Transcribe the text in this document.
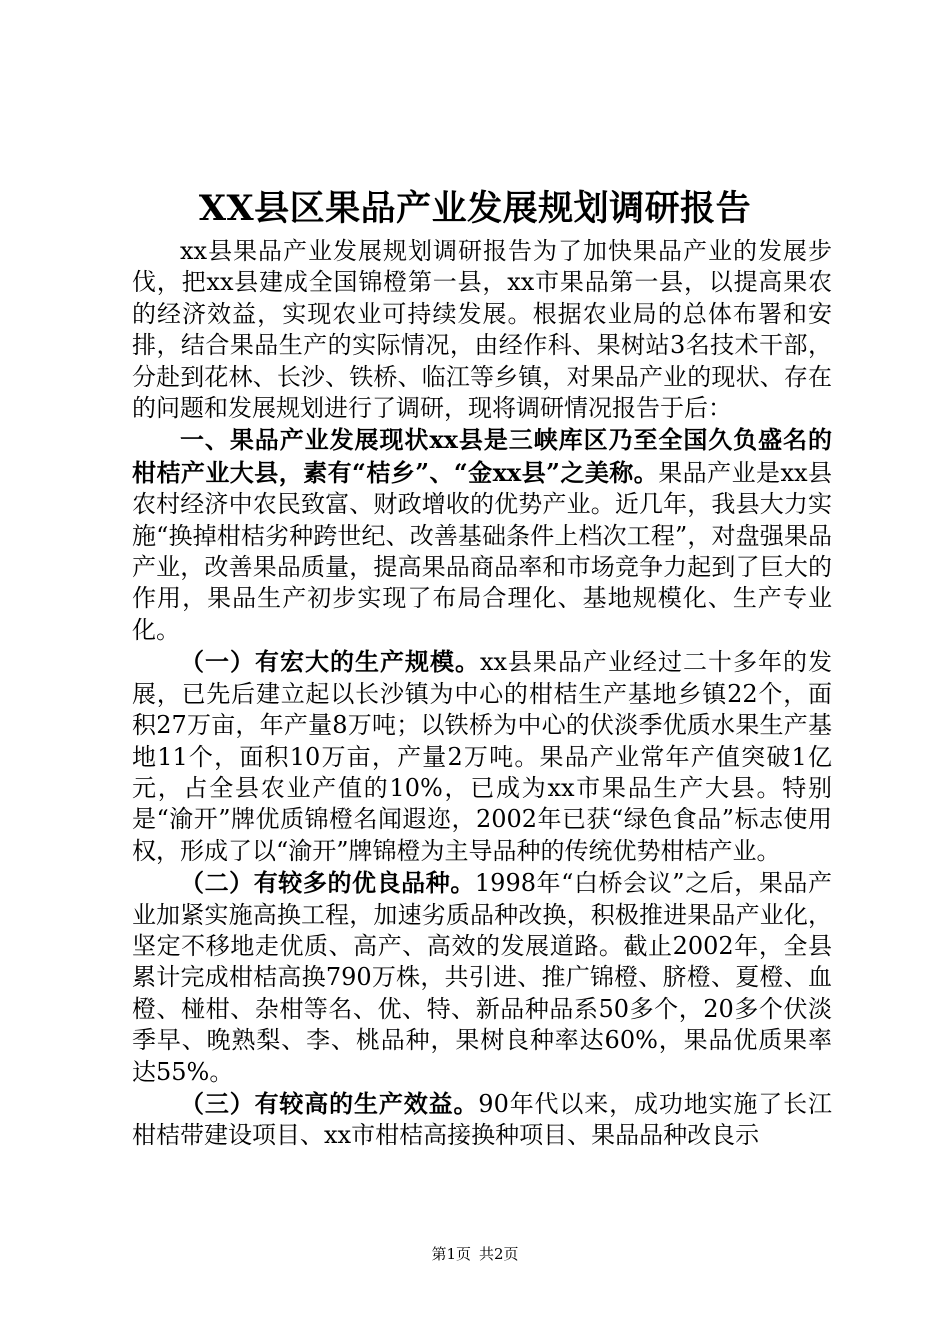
XX县区果品产业发展规划调研报告

xx县果品产业发展规划调研报告为了加快果品产业的发展步伐，把xx县建成全国锦橙第一县，xx市果品第一县，以提高果农的经济效益，实现农业可持续发展。根据农业局的总体布署和安排，结合果品生产的实际情况，由经作科、果树站3名技术干部，分赴到花林、长沙、铁桥、临江等乡镇，对果品产业的现状、存在的问题和发展规划进行了调研，现将调研情况报告于后：

一、果品产业发展现状xx县是三峡库区乃至全国久负盛名的柑桔产业大县，素有“桔乡”、“金xx县”之美称。果品产业是xx县农村经济中农民致富、财政增收的优势产业。近几年，我县大力实施“换掉柑桔劣种跨世纪、改善基础条件上档次工程”，对盘强果品产业，改善果品质量，提高果品商品率和市场竞争力起到了巨大的作用，果品生产初步实现了布局合理化、基地规模化、生产专业化。

（一）有宏大的生产规模。xx县果品产业经过二十多年的发展，已先后建立起以长沙镇为中心的柑桔生产基地乡镇22个，面积27万亩，年产量8万吨；以铁桥为中心的伏淡季优质水果生产基地11个，面积10万亩，产量2万吨。果品产业常年产值突破1亿元，占全县农业产值的10%，已成为xx市果品生产大县。特别是“渝开”牌优质锦橙名闻遐迩，2002年已获“绿色食品”标志使用权，形成了以“渝开”牌锦橙为主导品种的传统优势柑桔产业。

（二）有较多的优良品种。1998年“白桥会议”之后，果品产业加紧实施高换工程，加速劣质品种改换，积极推进果品产业化，坚定不移地走优质、高产、高效的发展道路。截止2002年，全县累计完成柑桔高换790万株，共引进、推广锦橙、脐橙、夏橙、血橙、椪柑、杂柑等名、优、特、新品种品系50多个，20多个伏淡季早、晚熟梨、李、桃品种，果树良种率达60%，果品优质果率达55%。

（三）有较高的生产效益。90年代以来，成功地实施了长江柑桔带建设项目、xx市柑桔高接换种项目、果品品种改良示

第1页 共2页
